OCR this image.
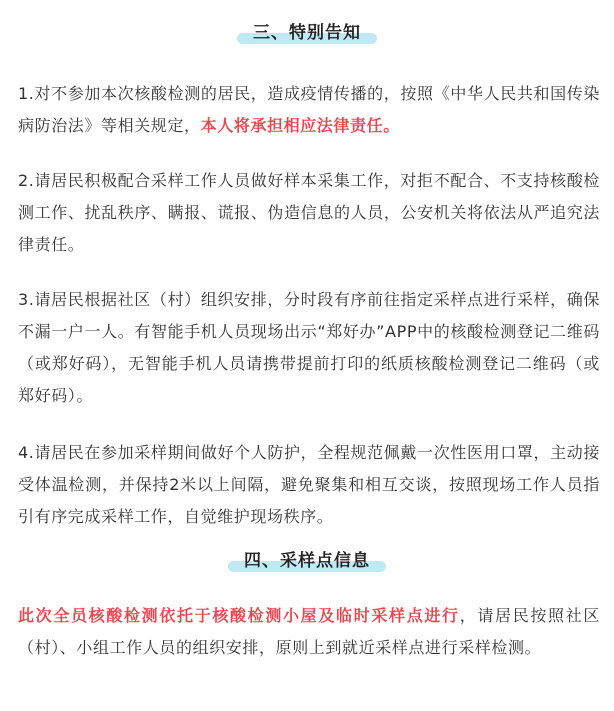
三、特别告知

1.对不参加本次核酸检测的居民，造成疫情传播的，按照《中华人民共和国传染病防治法》等相关规定，本人将承担相应法律责任。

2.请居民积极配合采样工作人员做好样本采集工作，对拒不配合、不支持核酸检测工作、扰乱秩序、瞒报、谎报、伪造信息的人员，公安机关将依法从严追究法律责任。

3.请居民根据社区（村）组织安排，分时段有序前往指定采样点进行采样，确保不漏一户一人。有智能手机人员现场出示“郑好办”APP中的核酸检测登记二维码（或郑好码），无智能手机人员请携带提前打印的纸质核酸检测登记二维码（或郑好码）。

4.请居民在参加采样期间做好个人防护，全程规范佩戴一次性医用口罩，主动接受体温检测，并保持2米以上间隔，避免聚集和相互交谈，按照现场工作人员指引有序完成采样工作，自觉维护现场秩序。

四、采样点信息

此次全员核酸检测依托于核酸检测小屋及临时采样点进行，请居民按照社区（村）、小组工作人员的组织安排，原则上到就近采样点进行采样检测。
